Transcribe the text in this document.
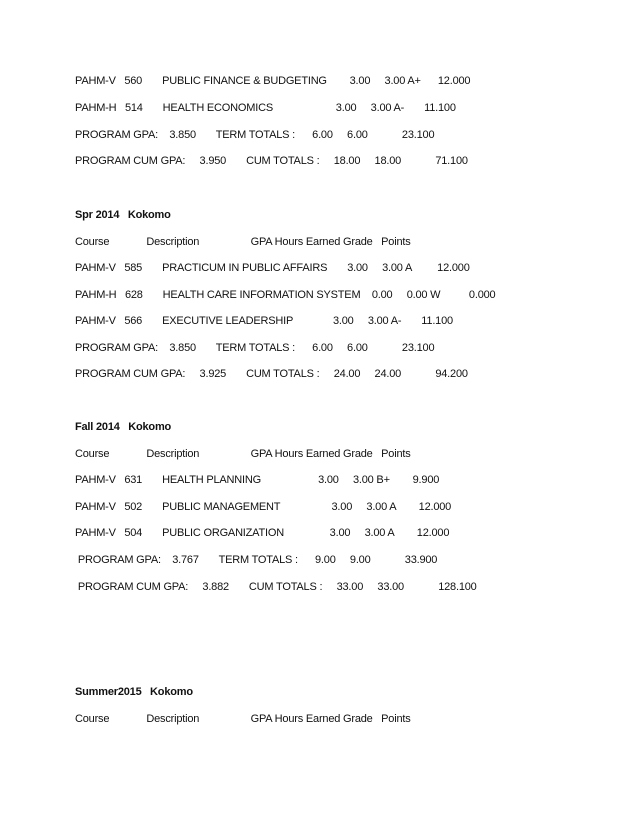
PAHM-V   560       PUBLIC FINANCE & BUDGETING        3.00     3.00 A+      12.000
PAHM-H   514       HEALTH ECONOMICS                      3.00     3.00 A-       11.100
PROGRAM GPA:    3.850       TERM TOTALS :      6.00     6.00            23.100
PROGRAM CUM GPA:     3.950       CUM TOTALS :     18.00     18.00            71.100
Spr 2014   Kokomo
Course             Description                  GPA Hours Earned Grade   Points
PAHM-V   585       PRACTICUM IN PUBLIC AFFAIRS       3.00     3.00 A         12.000
PAHM-H   628       HEALTH CARE INFORMATION SYSTEM    0.00     0.00 W          0.000
PAHM-V   566       EXECUTIVE LEADERSHIP              3.00     3.00 A-       11.100
PROGRAM GPA:    3.850       TERM TOTALS :      6.00     6.00            23.100
PROGRAM CUM GPA:     3.925       CUM TOTALS :     24.00     24.00            94.200
Fall 2014   Kokomo
Course             Description                  GPA Hours Earned Grade   Points
PAHM-V   631       HEALTH PLANNING                    3.00     3.00 B+        9.900
PAHM-V   502       PUBLIC MANAGEMENT                  3.00     3.00 A        12.000
PAHM-V   504       PUBLIC ORGANIZATION                3.00     3.00 A        12.000
PROGRAM GPA:    3.767       TERM TOTALS :      9.00     9.00            33.900
PROGRAM CUM GPA:     3.882       CUM TOTALS :     33.00     33.00            128.100
Summer2015   Kokomo
Course             Description                  GPA Hours Earned Grade   Points
